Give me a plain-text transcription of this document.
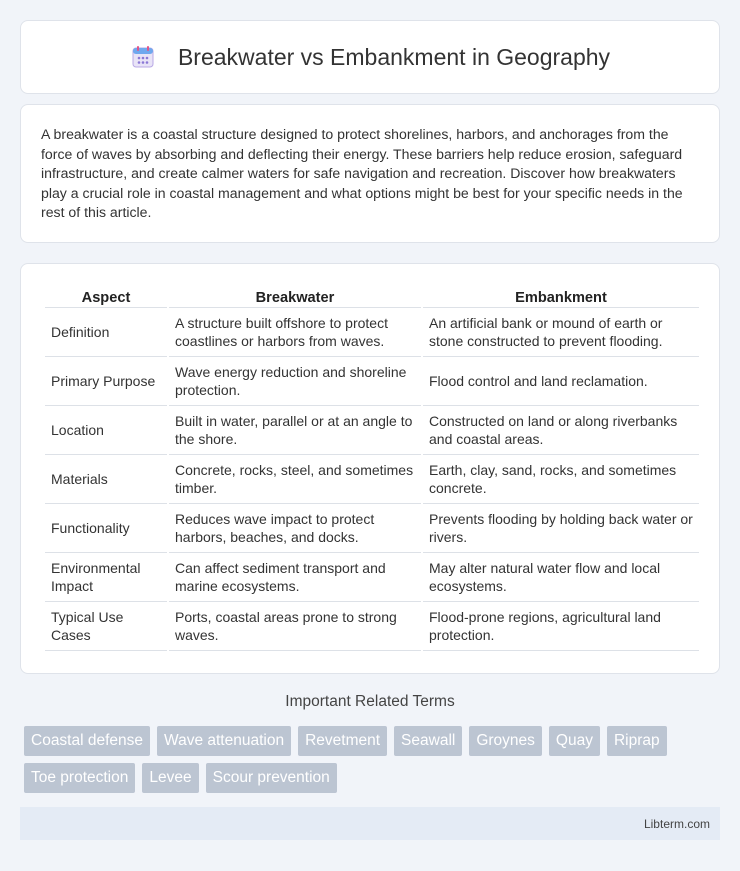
Breakwater vs Embankment in Geography

A breakwater is a coastal structure designed to protect shorelines, harbors, and anchorages from the force of waves by absorbing and deflecting their energy. These barriers help reduce erosion, safeguard infrastructure, and create calmer waters for safe navigation and recreation. Discover how breakwaters play a crucial role in coastal management and what options might be best for your specific needs in the rest of this article.

Aspect	Breakwater	Embankment
Definition	A structure built offshore to protect coastlines or harbors from waves.	An artificial bank or mound of earth or stone constructed to prevent flooding.
Primary Purpose	Wave energy reduction and shoreline protection.	Flood control and land reclamation.
Location	Built in water, parallel or at an angle to the shore.	Constructed on land or along riverbanks and coastal areas.
Materials	Concrete, rocks, steel, and sometimes timber.	Earth, clay, sand, rocks, and sometimes concrete.
Functionality	Reduces wave impact to protect harbors, beaches, and docks.	Prevents flooding by holding back water or rivers.
Environmental Impact	Can affect sediment transport and marine ecosystems.	May alter natural water flow and local ecosystems.
Typical Use Cases	Ports, coastal areas prone to strong waves.	Flood-prone regions, agricultural land protection.
Important Related Terms
Coastal defense	Wave attenuation	Revetment	Seawall	Groynes	Quay	Riprap
Toe protection	Levee	Scour prevention
Libterm.com
